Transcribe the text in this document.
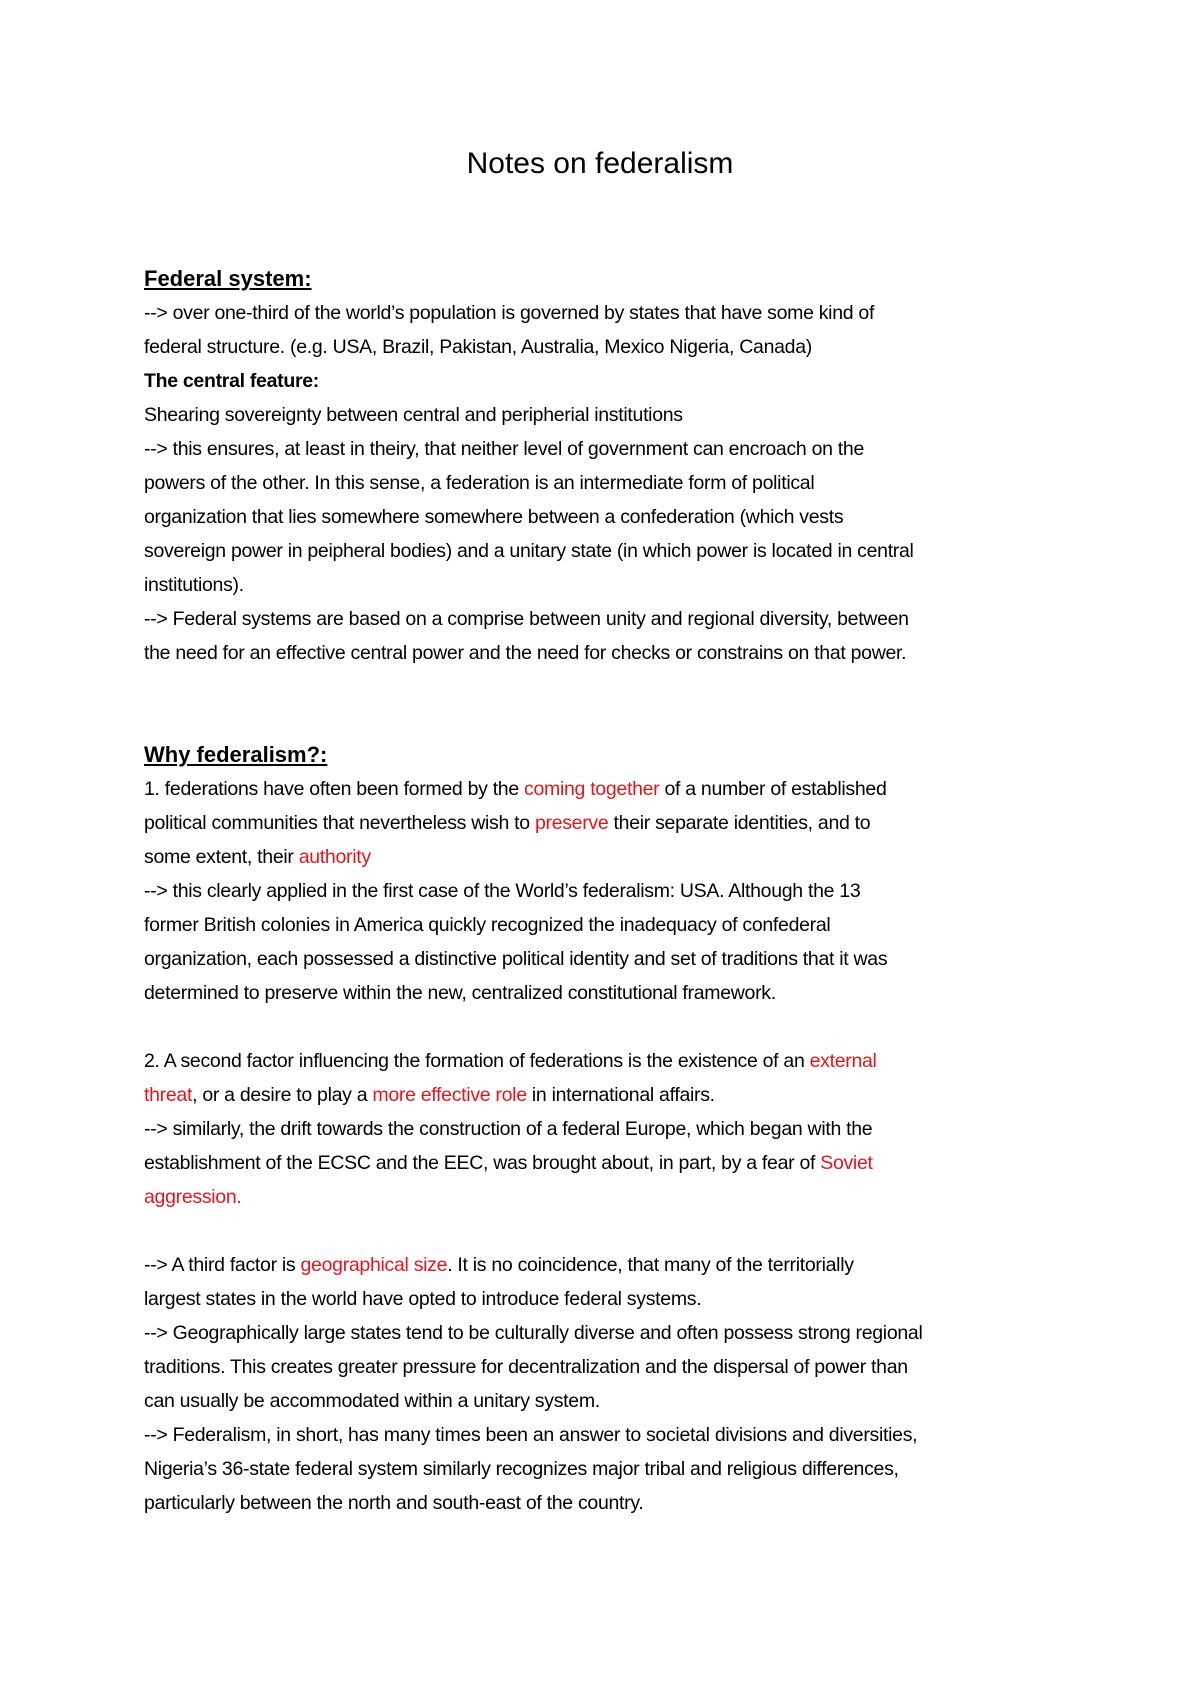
Notes on federalism
Federal system:
--> over one-third of the world’s population is governed by states that have some kind of
federal structure. (e.g. USA, Brazil, Pakistan, Australia, Mexico Nigeria, Canada)
The central feature:
Shearing sovereignty between central and peripherial institutions
--> this ensures, at least in theiry, that neither level of government can encroach on the
powers of the other. In this sense, a federation is an intermediate form of political
organization that lies somewhere somewhere between a confederation (which vests
sovereign power in peipheral bodies) and a unitary state (in which power is located in central
institutions).
--> Federal systems are based on a comprise between unity and regional diversity, between
the need for an effective central power and the need for checks or constrains on that power.
Why federalism?:
1. federations have often been formed by the coming together of a number of established
political communities that nevertheless wish to preserve their separate identities, and to
some extent, their authority
--> this clearly applied in the first case of the World’s federalism: USA. Although the 13
former British colonies in America quickly recognized the inadequacy of confederal
organization, each possessed a distinctive political identity and set of traditions that it was
determined to preserve within the new, centralized constitutional framework.
2. A second factor influencing the formation of federations is the existence of an external
threat, or a desire to play a more effective role in international affairs.
--> similarly, the drift towards the construction of a federal Europe, which began with the
establishment of the ECSC and the EEC, was brought about, in part, by a fear of Soviet
aggression.
--> A third factor is geographical size. It is no coincidence, that many of the territorially
largest states in the world have opted to introduce federal systems.
--> Geographically large states tend to be culturally diverse and often possess strong regional
traditions. This creates greater pressure for decentralization and the dispersal of power than
can usually be accommodated within a unitary system.
--> Federalism, in short, has many times been an answer to societal divisions and diversities,
Nigeria’s 36-state federal system similarly recognizes major tribal and religious differences,
particularly between the north and south-east of the country.
